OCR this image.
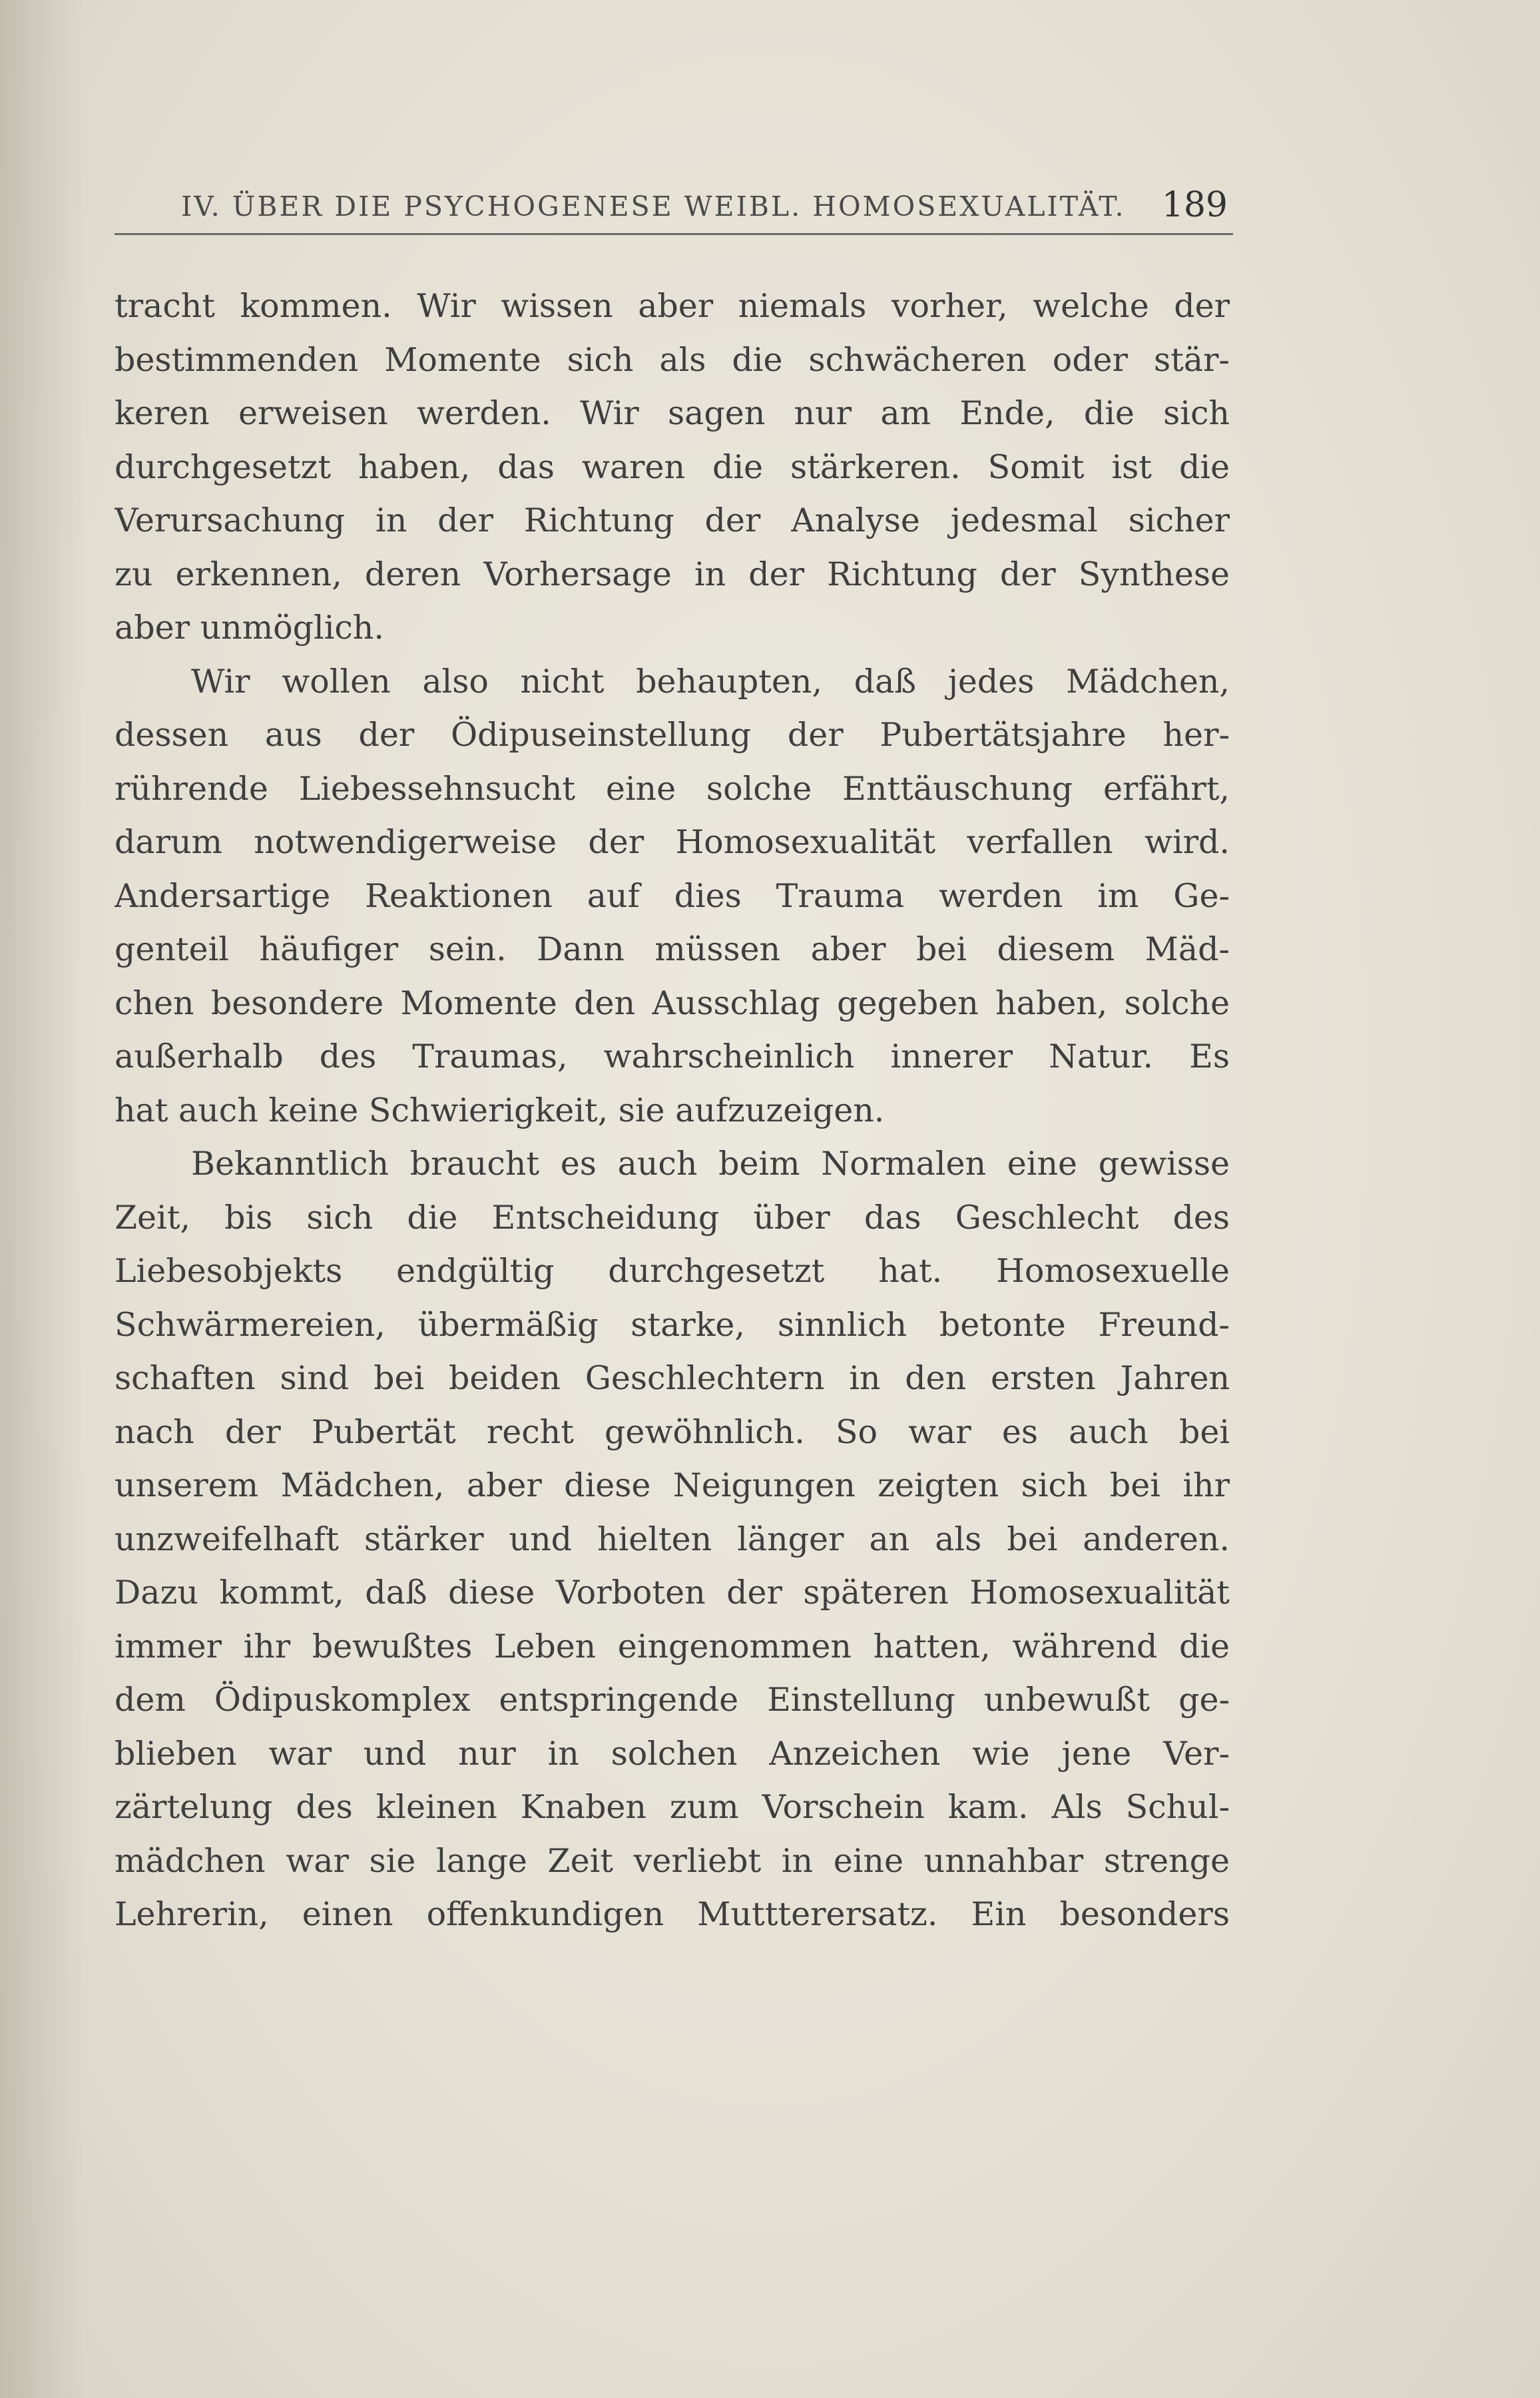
IV. ÜBER DIE PSYCHOGENESE WEIBL. HOMOSEXUALITÄT. 189
tracht kommen. Wir wissen aber niemals vorher, welche der
bestimmenden Momente sich als die schwächeren oder stär-
keren erweisen werden. Wir sagen nur am Ende, die sich
durchgesetzt haben, das waren die stärkeren. Somit ist die
Verursachung in der Richtung der Analyse jedesmal sicher
zu erkennen, deren Vorhersage in der Richtung der Synthese
aber unmöglich.
Wir wollen also nicht behaupten, daß jedes Mädchen,
dessen aus der Ödipuseinstellung der Pubertätsjahre her-
rührende Liebessehnsucht eine solche Enttäuschung erfährt,
darum notwendigerweise der Homosexualität verfallen wird.
Andersartige Reaktionen auf dies Trauma werden im Ge-
genteil häufiger sein. Dann müssen aber bei diesem Mäd-
chen besondere Momente den Ausschlag gegeben haben, solche
außerhalb des Traumas, wahrscheinlich innerer Natur. Es
hat auch keine Schwierigkeit, sie aufzuzeigen.
Bekanntlich braucht es auch beim Normalen eine gewisse
Zeit, bis sich die Entscheidung über das Geschlecht des
Liebesobjekts endgültig durchgesetzt hat. Homosexuelle
Schwärmereien, übermäßig starke, sinnlich betonte Freund-
schaften sind bei beiden Geschlechtern in den ersten Jahren
nach der Pubertät recht gewöhnlich. So war es auch bei
unserem Mädchen, aber diese Neigungen zeigten sich bei ihr
unzweifelhaft stärker und hielten länger an als bei anderen.
Dazu kommt, daß diese Vorboten der späteren Homosexualität
immer ihr bewußtes Leben eingenommen hatten, während die
dem Ödipuskomplex entspringende Einstellung unbewußt ge-
blieben war und nur in solchen Anzeichen wie jene Ver-
zärtelung des kleinen Knaben zum Vorschein kam. Als Schul-
mädchen war sie lange Zeit verliebt in eine unnahbar strenge
Lehrerin, einen offenkundigen Muttterersatz. Ein besonders
